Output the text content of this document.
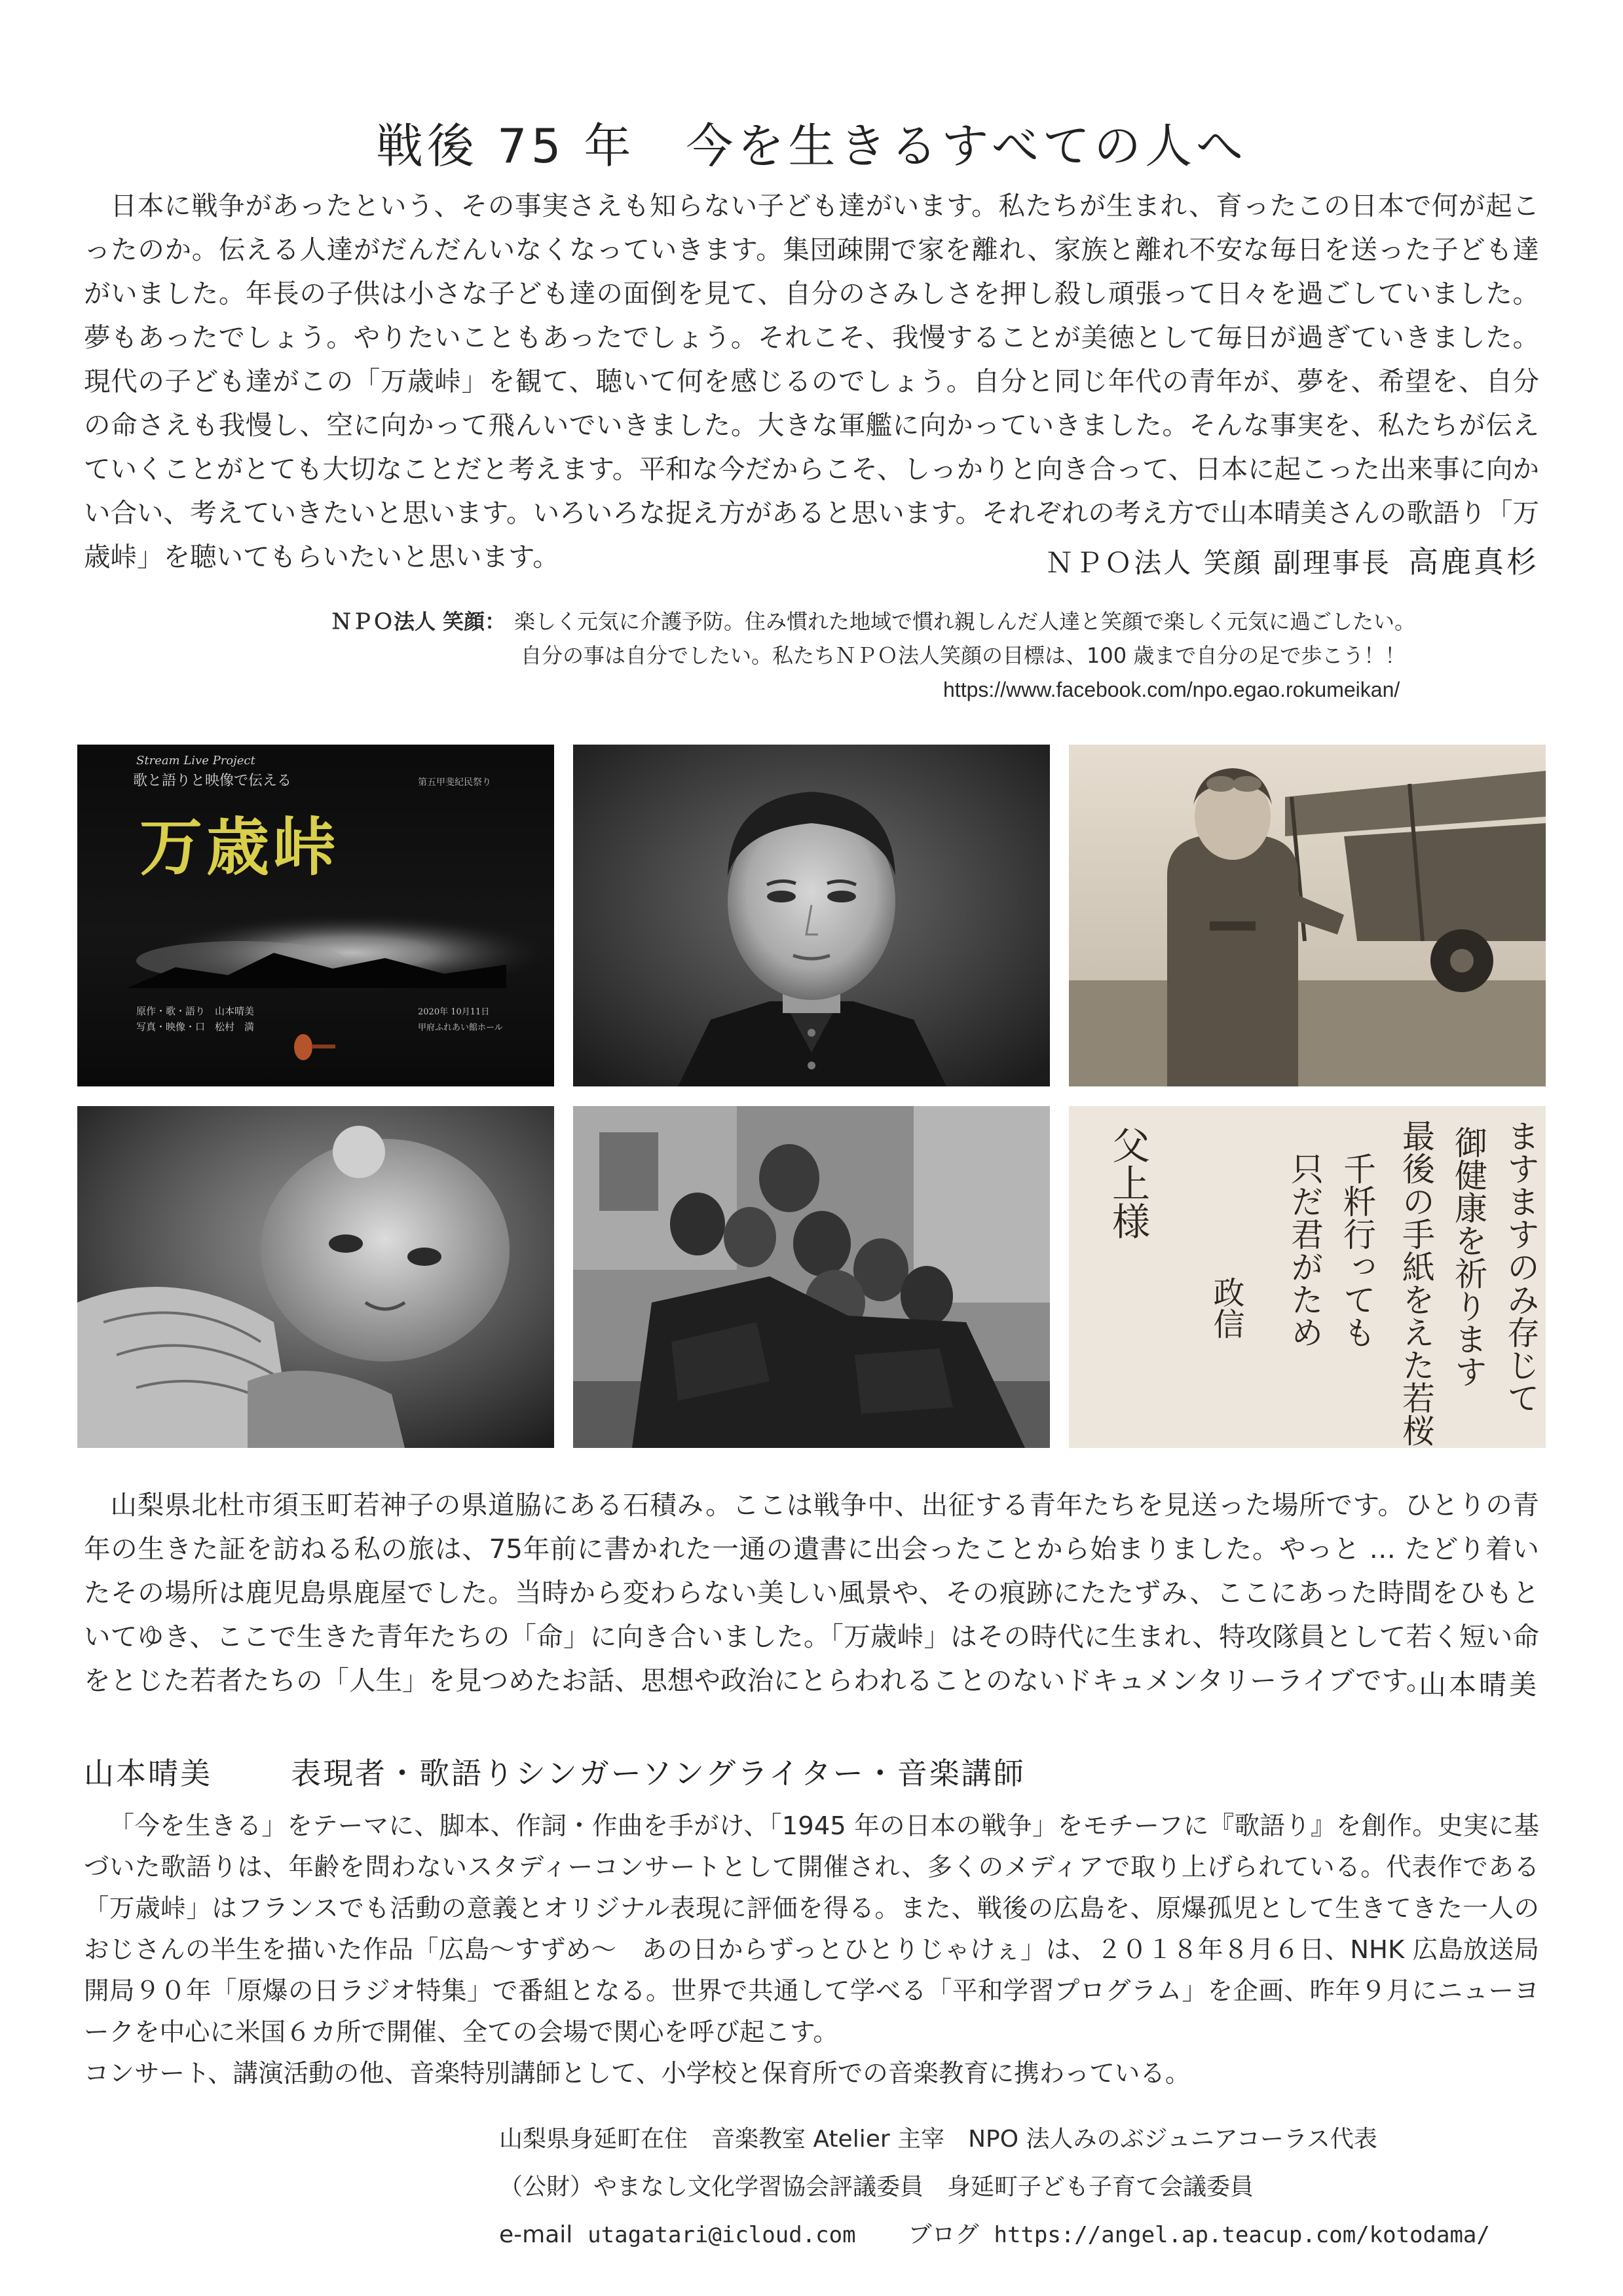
戦後 75 年　今を生きるすべての人へ

日本に戦争があったという、その事実さえも知らない子ども達がいます。私たちが生まれ、育ったこの日本で何が起こったのか。伝える人達がだんだんいなくなっていきます。集団疎開で家を離れ、家族と離れ不安な毎日を送った子ども達がいました。年長の子供は小さな子ども達の面倒を見て、自分のさみしさを押し殺し頑張って日々を過ごしていました。夢もあったでしょう。やりたいこともあったでしょう。それこそ、我慢することが美徳として毎日が過ぎていきました。現代の子ども達がこの「万歳峠」を観て、聴いて何を感じるのでしょう。自分と同じ年代の青年が、夢を、希望を、自分の命さえも我慢し、空に向かって飛んいでいきました。大きな軍艦に向かっていきました。そんな事実を、私たちが伝えていくことがとても大切なことだと考えます。平和な今だからこそ、しっかりと向き合って、日本に起こった出来事に向かい合い、考えていきたいと思います。いろいろな捉え方があると思います。それぞれの考え方で山本晴美さんの歌語り「万歳峠」を聴いてもらいたいと思います。	ＮＰＯ法人 笑顔 副理事長 高鹿真杉
ＮＰＯ法人 笑顔： 楽しく元気に介護予防。住み慣れた地域で慣れ親しんだ人達と笑顔で楽しく元気に過ごしたい。
自分の事は自分でしたい。私たちＮＰＯ法人笑顔の目標は、100 歳まで自分の足で歩こう！！
https://www.facebook.com/npo.egao.rokumeikan/
Stream Live Project
歌と語りと映像で伝える	第五甲斐紀民祭り
万歳峠
原作・歌・語り　山本晴美
写真・映像・口　松村　満
2020年 10月11日
甲府ふれあい館ホール
ますますのみ存じて
御健康を祈ります
最後の手紙をえた若桜
千粁行っても
只だ君がため
政信
父上様

山梨県北杜市須玉町若神子の県道脇にある石積み。ここは戦争中、出征する青年たちを見送った場所です。ひとりの青年の生きた証を訪ねる私の旅は、75年前に書かれた一通の遺書に出会ったことから始まりました。やっと … たどり着いたその場所は鹿児島県鹿屋でした。当時から変わらない美しい風景や、その痕跡にたたずみ、ここにあった時間をひもといてゆき、ここで生きた青年たちの「命」に向き合いました。「万歳峠」はその時代に生まれ、特攻隊員として若く短い命をとじた若者たちの「人生」を見つめたお話、思想や政治にとらわれることのないドキュメンタリーライブです。

山本晴美
山本晴美	表現者・歌語りシンガーソングライター・音楽講師

「今を生きる」をテーマに、脚本、作詞・作曲を手がけ、「1945 年の日本の戦争」をモチーフに『歌語り』を創作。史実に基づいた歌語りは、年齢を問わないスタディーコンサートとして開催され、多くのメディアで取り上げられている。代表作である「万歳峠」はフランスでも活動の意義とオリジナル表現に評価を得る。また、戦後の広島を、原爆孤児として生きてきた一人のおじさんの半生を描いた作品「広島～すずめ～　あの日からずっとひとりじゃけぇ」は、２０１８年８月６日、NHK 広島放送局開局９０年「原爆の日ラジオ特集」で番組となる。世界で共通して学べる「平和学習プログラム」を企画、昨年９月にニューヨークを中心に米国６カ所で開催、全ての会場で関心を呼び起こす。

コンサート、講演活動の他、音楽特別講師として、小学校と保育所での音楽教育に携わっている。

山梨県身延町在住　音楽教室 Atelier 主宰　NPO 法人みのぶジュニアコーラス代表
（公財）やまなし文化学習協会評議委員　身延町子ども子育て会議委員
e-mail utagatari@icloud.com ブログ https://angel.ap.teacup.com/kotodama/
